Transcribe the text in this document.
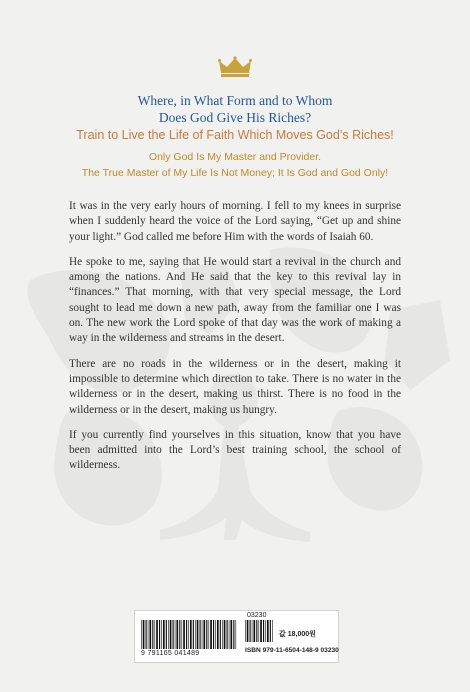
Where, in What Form and to Whom
Does God Give His Riches?
Train to Live the Life of Faith Which Moves God’s Riches!
Only God Is My Master and Provider.
The True Master of My Life Is Not Money; It Is God and God Only!

It was in the very early hours of morning. I fell to my knees in surprise when I suddenly heard the voice of the Lord saying, “Get up and shine your light.” God called me before Him with the words of Isaiah 60.

He spoke to me, saying that He would start a revival in the church and among the nations. And He said that the key to this revival lay in “finances.” That morning, with that very special message, the Lord sought to lead me down a new path, away from the familiar one I was on. The new work the Lord spoke of that day was the work of making a way in the wilderness and streams in the desert.

There are no roads in the wilderness or in the desert, making it impossible to determine which direction to take. There is no water in the wilderness or in the desert, making us thirst. There is no food in the wilderness or in the desert, making us hungry.

If you currently find yourselves in this situation, know that you have been admitted into the Lord’s best training school, the school of wilderness.

03230
값 18,000원
9 791165 041489	ISBN 979-11-6504-148-9 03230
